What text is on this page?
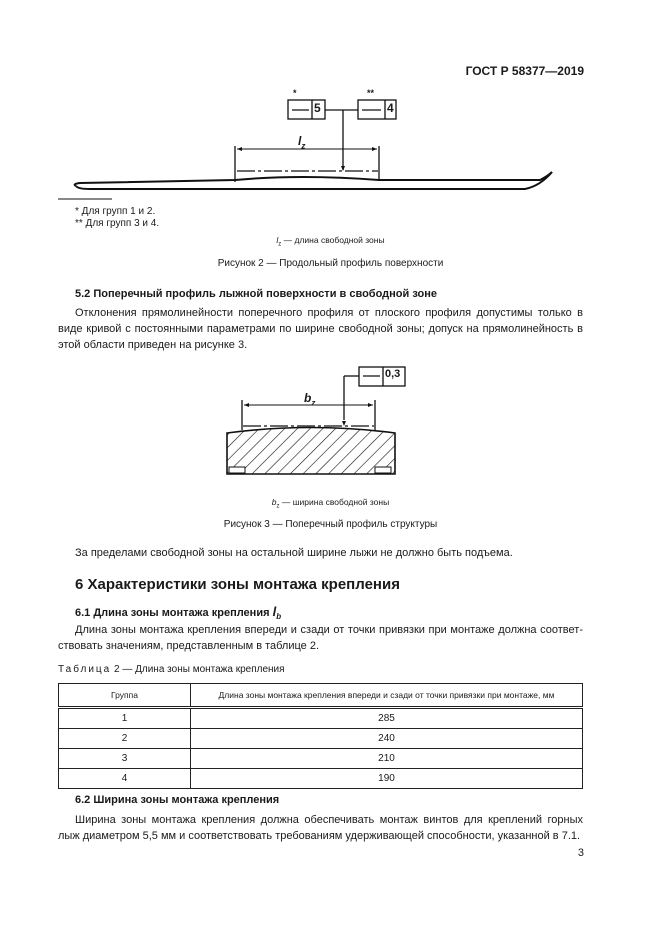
ГОСТ Р 58377—2019
*
5
**
4
$l_z$
* Для групп 1 и 2.
** Для групп 3 и 4.
$l_z$ — длина свободной зоны
Рисунок 2 — Продольный профиль поверхности
5.2 Поперечный профиль лыжной поверхности в свободной зоне
Отклонения прямолинейности поперечного профиля от плоского профиля допустимы только в виде кривой с постоянными параметрами по ширине свободной зоны; допуск на прямолинейность в этой области приведен на рисунке 3.
0,3
$b_z$
$b_z$ — ширина свободной зоны
Рисунок 3 — Поперечный профиль структуры
За пределами свободной зоны на остальной ширине лыжи не должно быть подъема.
6 Характеристики зоны монтажа крепления
6.1 Длина зоны монтажа крепления $l_b$
Длина зоны монтажа крепления впереди и сзади от точки привязки при монтаже должна соответствовать значениям, представленным в таблице 2.
Таблица 2 — Длина зоны монтажа крепления
Группа	Длина зоны монтажа крепления впереди и сзади от точки привязки при монтаже, мм
1	285
2	240
3	210
4	190
6.2 Ширина зоны монтажа крепления
Ширина зоны монтажа крепления должна обеспечивать монтаж винтов для креплений горных лыж диаметром 5,5 мм и соответствовать требованиям удерживающей способности, указанной в 7.1.
3
